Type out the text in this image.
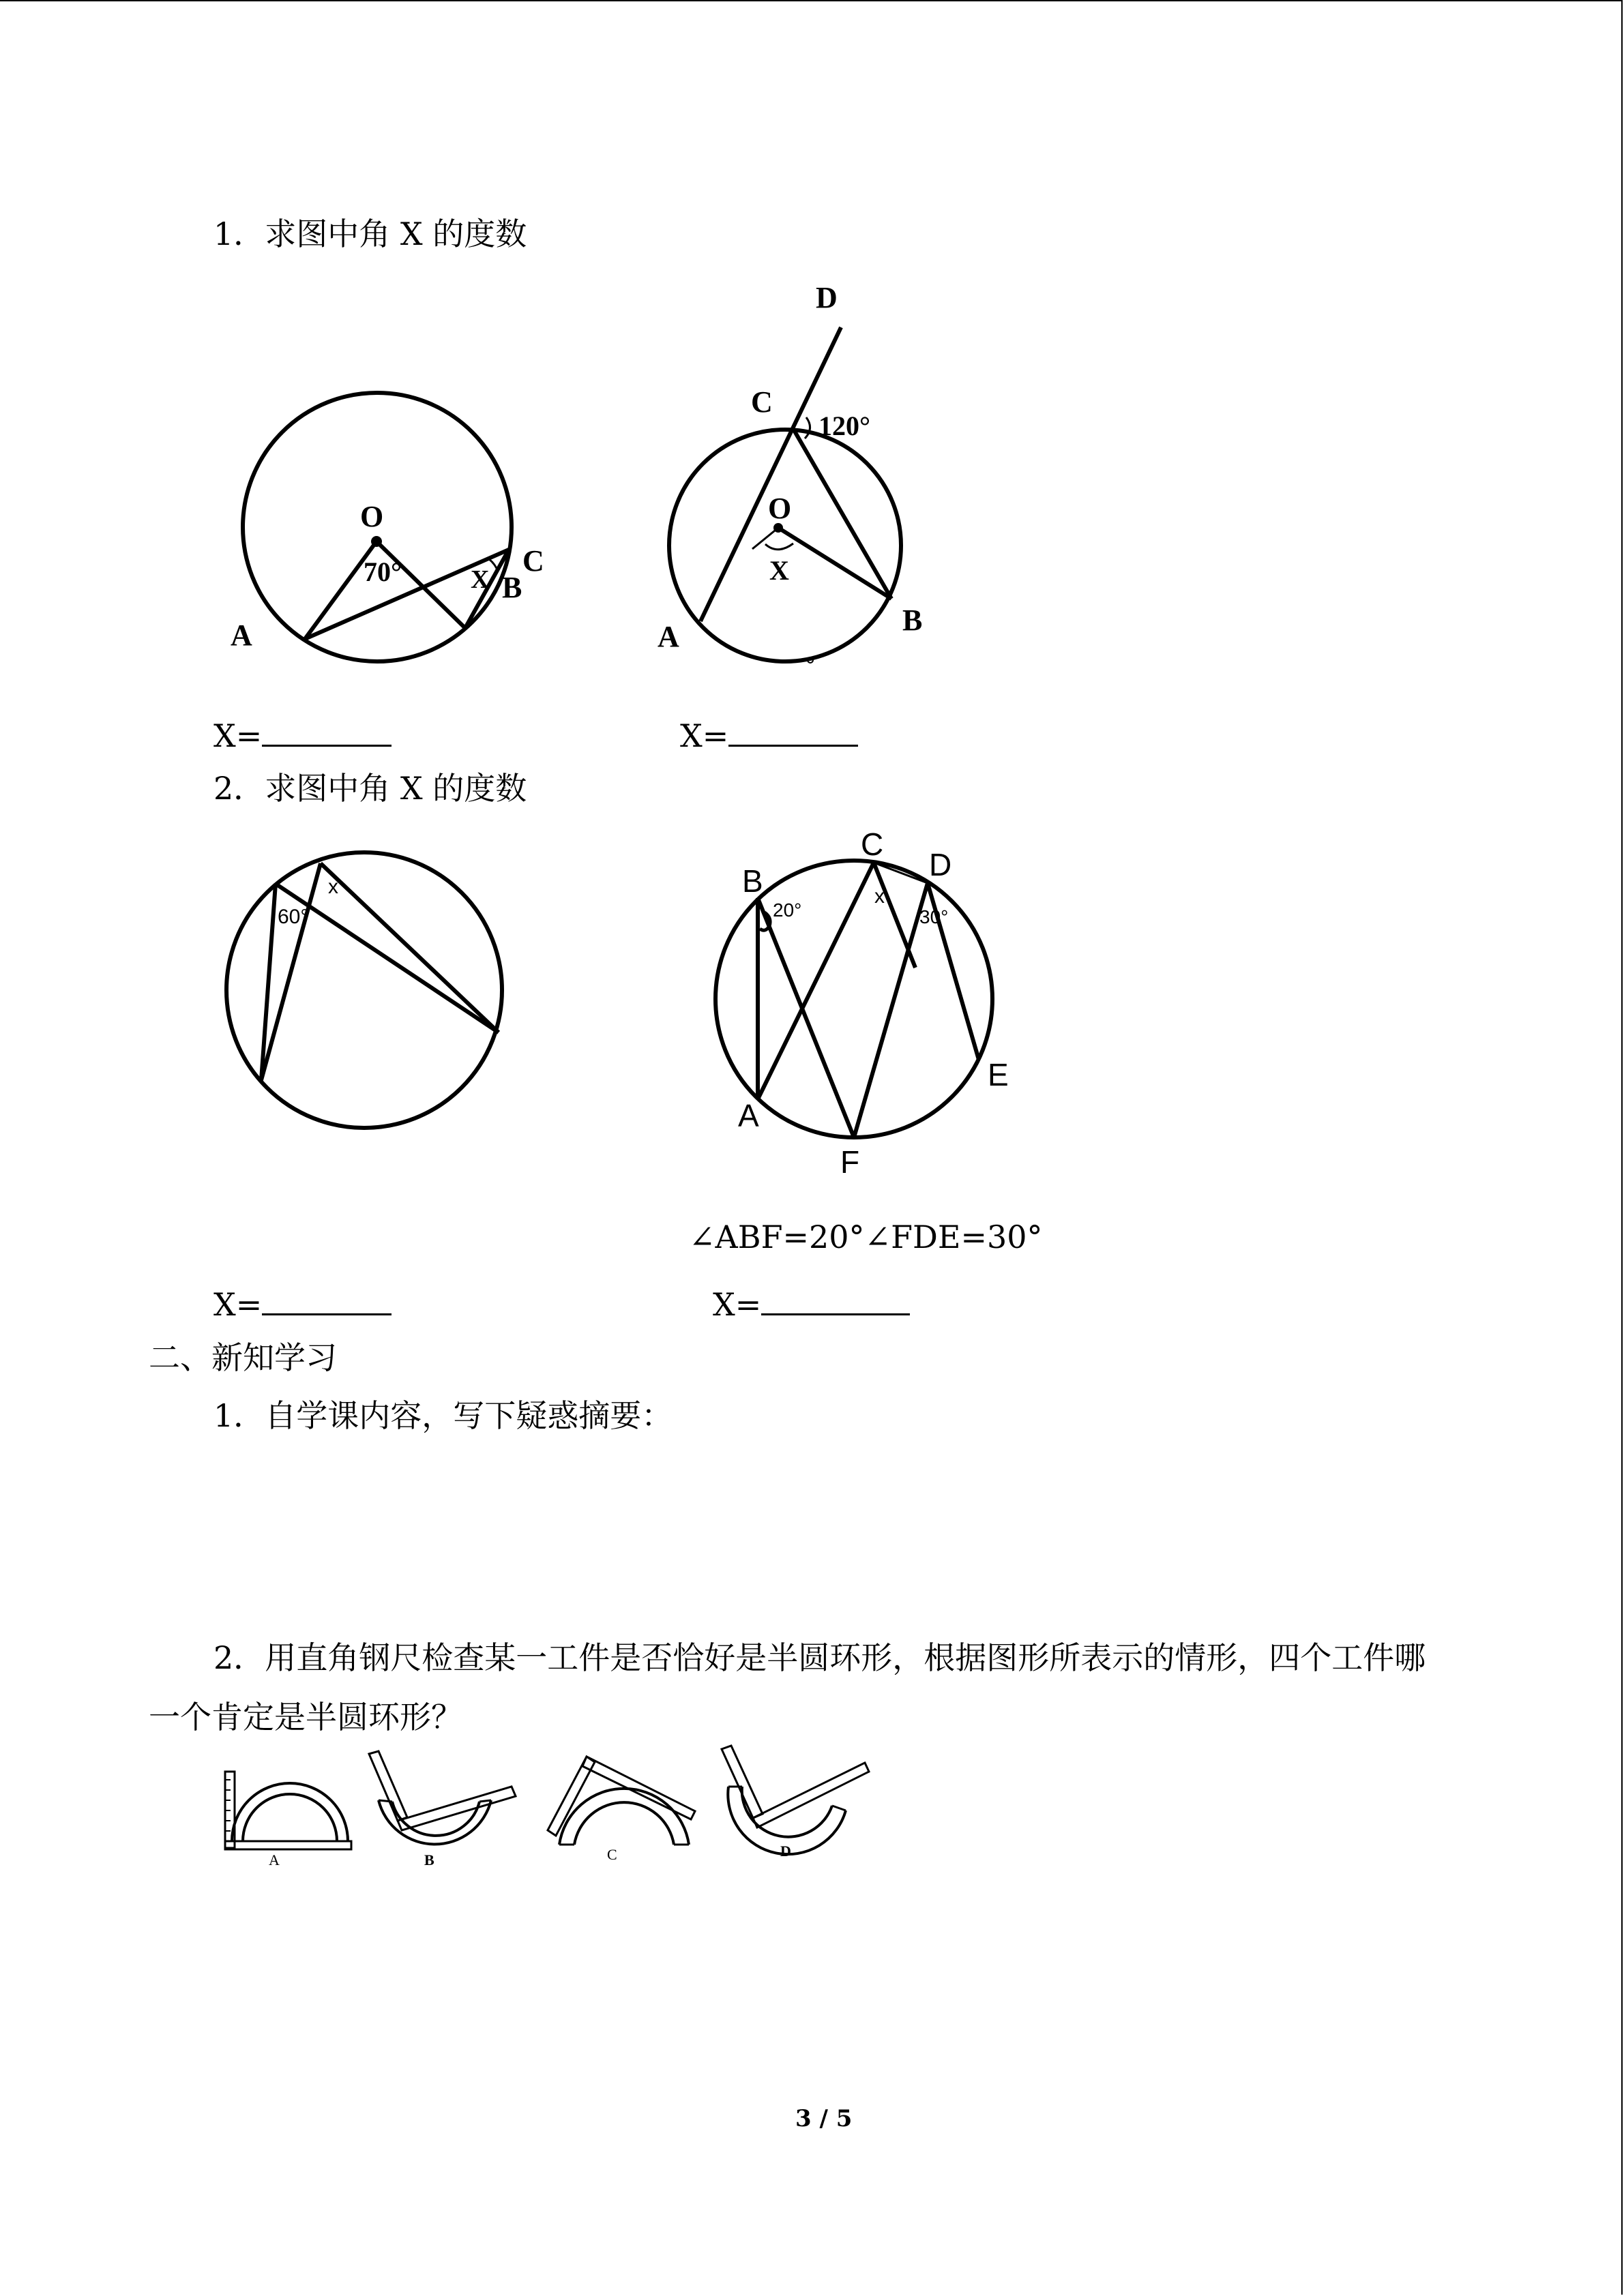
1．求图中角 X 的度数
O
70°	X B
C
A
D
C
120°
O
X
A	B
X=	X=
2．求图中角 X 的度数
60°
x	B
C
D
E
A
F
20°	30°
x
∠ABF=20°∠FDE=30°
X=	X=
二、新知学习
1．自学课内容，写下疑惑摘要：
2．用直角钢尺检查某一工件是否恰好是半圆环形，根据图形所表示的情形，四个工件哪
一个肯定是半圆环形？
A	B	C	D
3 / 5
